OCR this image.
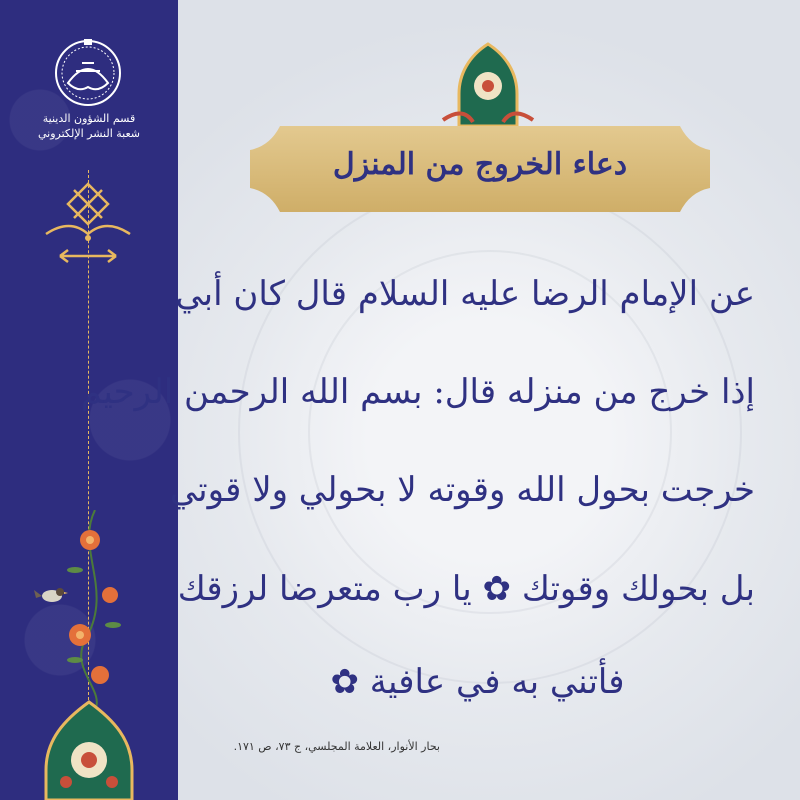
قسم الشؤون الدينية
شعبة النشر الإلكتروني
دعاء الخروج من المنزل
عن الإمام الرضا عليه السلام قال كان أبي
إذا خرج من منزله قال: بسم الله الرحمن الرحيم
خرجت بحول الله وقوته لا بحولي ولا قوتي
بل بحولك وقوتك ✿ يا رب متعرضا لرزقك
فأتني به في عافية ✿
بحار الأنوار، العلامة المجلسي، ج ٧٣، ص ١٧١.
